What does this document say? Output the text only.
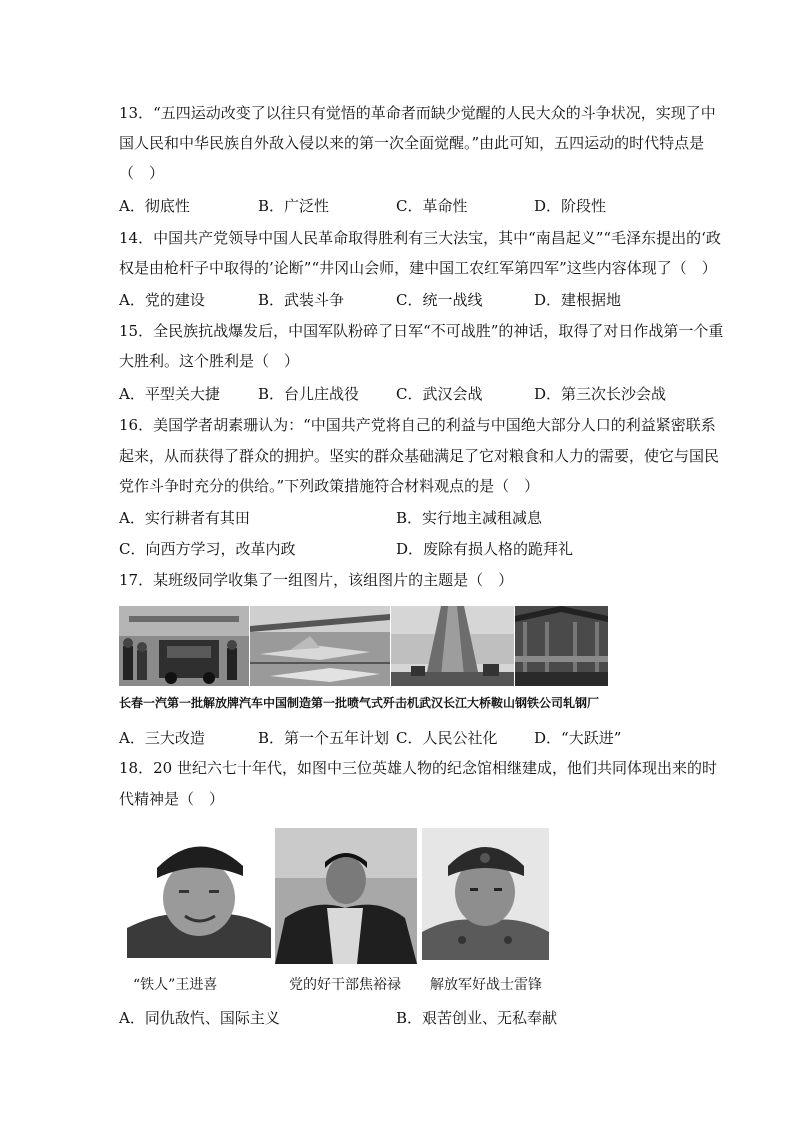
13．“五四运动改变了以往只有觉悟的革命者而缺少觉醒的人民大众的斗争状况，实现了中
国人民和中华民族自外敌入侵以来的第一次全面觉醒。”由此可知，五四运动的时代特点是
（　）
A．彻底性	B．广泛性	C．革命性	D．阶段性
14．中国共产党领导中国人民革命取得胜利有三大法宝，其中“南昌起义”“毛泽东提出的‘政
权是由枪杆子中取得的’论断”“井冈山会师，建中国工农红军第四军”这些内容体现了（　）
A．党的建设	B．武装斗争	C．统一战线	D．建根据地
15．全民族抗战爆发后，中国军队粉碎了日军“不可战胜”的神话，取得了对日作战第一个重
大胜利。这个胜利是（　）
A．平型关大捷	B．台儿庄战役 C．武汉会战	D．第三次长沙会战
16．美国学者胡素珊认为：“中国共产党将自己的利益与中国绝大部分人口的利益紧密联系
起来，从而获得了群众的拥护。坚实的群众基础满足了它对粮食和人力的需要，使它与国民
党作斗争时充分的供给。”下列政策措施符合材料观点的是（　）
A．实行耕者有其田	B．实行地主减租减息
C．向西方学习，改革内政	D．废除有损人格的跪拜礼
17．某班级同学收集了一组图片，该组图片的主题是（　）
长春一汽第一批解放牌汽车中国制造第一批喷气式歼击机武汉长江大桥鞍山钢铁公司轧钢厂
A．三大改造	B．第一个五年计划 C．人民公社化 D．“大跃进”
18．20 世纪六七十年代，如图中三位英雄人物的纪念馆相继建成，他们共同体现出来的时
代精神是（　）
“铁人”王进喜	党的好干部焦裕禄 解放军好战士雷锋
A．同仇敌忾、国际主义	B．艰苦创业、无私奉献
